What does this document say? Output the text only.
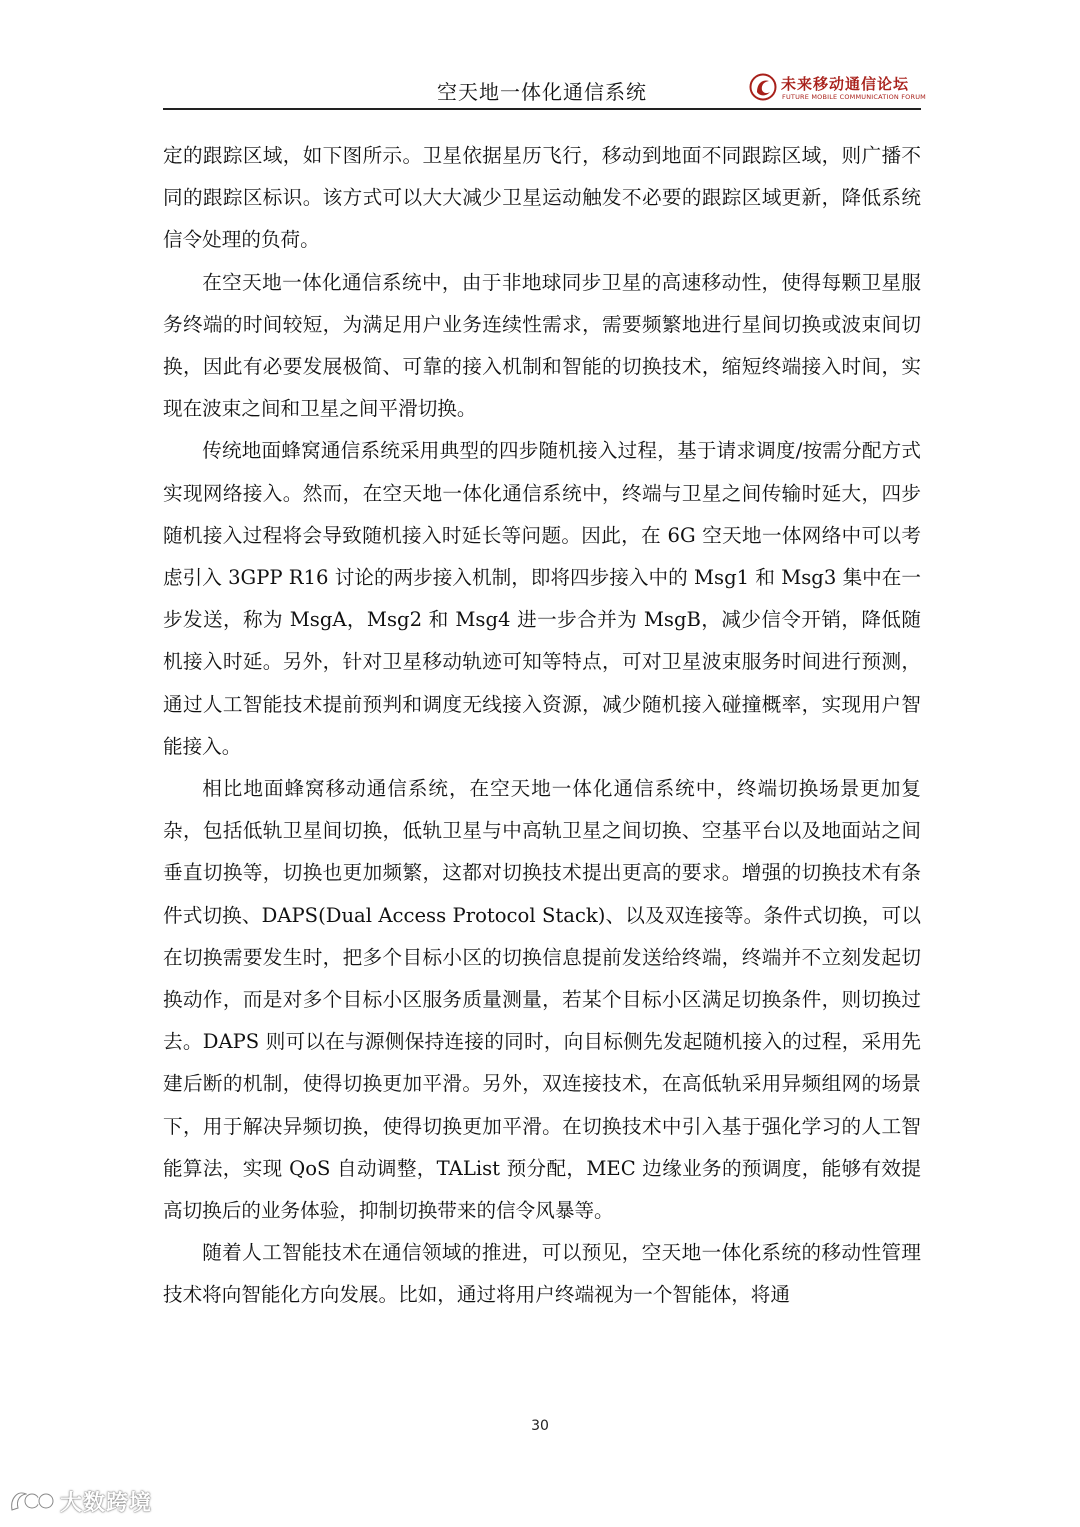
空天地一体化通信系统	未来移动通信论坛
FUTURE MOBILE COMMUNICATION FORUM

定的跟踪区域，如下图所示。卫星依据星历飞行，移动到地面不同跟踪区域，则广播不同的跟踪区标识。该方式可以大大减少卫星运动触发不必要的跟踪区域更新，降低系统信令处理的负荷。

在空天地一体化通信系统中，由于非地球同步卫星的高速移动性，使得每颗卫星服务终端的时间较短，为满足用户业务连续性需求，需要频繁地进行星间切换或波束间切换，因此有必要发展极简、可靠的接入机制和智能的切换技术，缩短终端接入时间，实现在波束之间和卫星之间平滑切换。

传统地面蜂窝通信系统采用典型的四步随机接入过程，基于请求调度/按需分配方式实现网络接入。然而，在空天地一体化通信系统中，终端与卫星之间传输时延大，四步随机接入过程将会导致随机接入时延长等问题。因此，在 6G 空天地一体网络中可以考虑引入 3GPP R16 讨论的两步接入机制，即将四步接入中的 Msg1 和 Msg3 集中在一步发送，称为 MsgA，Msg2 和 Msg4 进一步合并为 MsgB，减少信令开销，降低随机接入时延。另外，针对卫星移动轨迹可知等特点，可对卫星波束服务时间进行预测，通过人工智能技术提前预判和调度无线接入资源，减少随机接入碰撞概率，实现用户智能接入。

相比地面蜂窝移动通信系统，在空天地一体化通信系统中，终端切换场景更加复杂，包括低轨卫星间切换，低轨卫星与中高轨卫星之间切换、空基平台以及地面站之间垂直切换等，切换也更加频繁，这都对切换技术提出更高的要求。增强的切换技术有条件式切换、DAPS(Dual Access Protocol Stack)、以及双连接等。条件式切换，可以在切换需要发生时，把多个目标小区的切换信息提前发送给终端，终端并不立刻发起切换动作，而是对多个目标小区服务质量测量，若某个目标小区满足切换条件，则切换过去。DAPS 则可以在与源侧保持连接的同时，向目标侧先发起随机接入的过程，采用先建后断的机制，使得切换更加平滑。另外，双连接技术，在高低轨采用异频组网的场景下，用于解决异频切换，使得切换更加平滑。在切换技术中引入基于强化学习的人工智能算法，实现 QoS 自动调整，TAList 预分配，MEC 边缘业务的预调度，能够有效提高切换后的业务体验，抑制切换带来的信令风暴等。

随着人工智能技术在通信领域的推进，可以预见，空天地一体化系统的移动性管理技术将向智能化方向发展。比如，通过将用户终端视为一个智能体，将通

30
大数跨境
